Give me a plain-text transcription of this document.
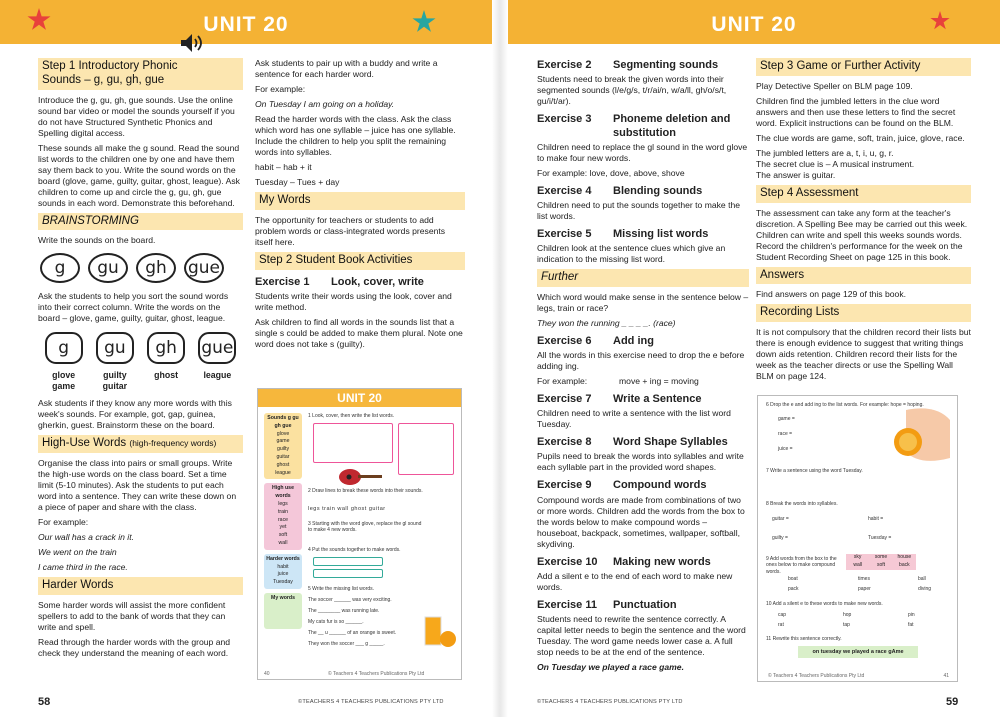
UNIT 20	UNIT 20
Step 1 Introductory Phonic Sounds – g, gu, gh, gue

Introduce the g, gu, gh, gue sounds. Use the online sound bar video or model the sounds yourself if you do not have Structured Synthetic Phonics and Spelling digital access.

These sounds all make the g sound. Read the sound list words to the children one by one and have them say them back to you. Write the sound words on the board (glove, game, guilty, guitar, ghost, league). Ask children to come up and circle the g, gu, gh, gue sounds in each word. Demonstrate this beforehand.

BRAINSTORMING

Write the sounds on the board.

g	gu	gh	gue

Ask the students to help you sort the sound words into their correct column. Write the words on the board – glove, game, guilty, guitar, ghost, league.

g
glove
game
gu
guilty
guitar
gh
ghost
gue
league

Ask students if they know any more words with this week's sounds. For example, got, gap, guinea, gherkin, guest. Brainstorm these on the board.

High-Use Words (high-frequency words)

Organise the class into pairs or small groups. Write the high-use words on the class board. Set a time limit (5-10 minutes). Ask the students to put each word into a sentence. They can write these down on a piece of paper and share with the class.

For example:

Our wall has a crack in it.

We went on the train

I came third in the race.

Harder Words

Some harder words will assist the more confident spellers to add to the bank of words that they can write and spell.

Read through the harder words with the group and check they understand the meaning of each word.

Ask students to pair up with a buddy and write a sentence for each harder word.

For example:

On Tuesday I am going on a holiday.

Read the harder words with the class. Ask the class which word has one syllable – juice has one syllable. Include the children to help you split the remaining words into syllables.

habit – hab + it

Tuesday – Tues + day

My Words

The opportunity for teachers or students to add problem words or class-integrated words presents itself here.

Step 2 Student Book Activities
Exercise 1	Look, cover, write

Students write their words using the look, cover and write method.

Ask children to find all words in the sounds list that a single s could be added to make them plural. Note one word does not take s (guilty).

UNIT 20
Sounds g gu gh gue
glove
game
guilty
guitar
ghost
league
High use words
legs
train
race
yet
soft
wall
Harder words
habit
juice
Tuesday
My words
1 Look, cover, then write the list words.
2 Draw lines to break these words into their sounds.
legs train wall ghost guitar
3 Starting with the word glove, replace the gl sound to make 4 new words.
4 Put the sounds together to make words.
5 Write the missing list words.
The soccer ______ was very exciting.
The ________ was running late.
My cats fur is so ______.
The __ u ______ of an orange is sweet.
They won the soccer ___ g _____.
40	© Teachers 4 Teachers Publications Pty Ltd
Exercise 2	Segmenting sounds

Students need to break the given words into their segmented sounds (l/e/g/s, t/r/ai/n, w/a/ll, gh/o/s/t, gu/i/t/ar).

Exercise 3	Phoneme deletion and substitution

Children need to replace the gl sound in the word glove to make four new words.

For example: love, dove, above, shove

Exercise 4	Blending sounds

Children need to put the sounds together to make the list words.

Exercise 5	Missing list words

Children look at the sentence clues which give an indication to the missing list word.

Further

Which word would make sense in the sentence below – legs, train or race?

They won the running _ _ _ _. (race)

Exercise 6	Add ing

All the words in this exercise need to drop the e before adding ing.

For example:	move + ing = moving

Exercise 7	Write a Sentence

Children need to write a sentence with the list word Tuesday.

Exercise 8	Word Shape Syllables

Pupils need to break the words into syllables and write each syllable part in the provided word shapes.

Exercise 9	Compound words

Compound words are made from combinations of two or more words. Children add the words from the box to the words below to make compound words – houseboat, backpack, sometimes, wallpaper, softball, skydiving.

Exercise 10	Making new words

Add a silent e to the end of each word to make new words.

Exercise 11	Punctuation

Students need to rewrite the sentence correctly. A capital letter needs to begin the sentence and the word Tuesday. The word game needs lower case a. A full stop needs to be at the end of the sentence.

On Tuesday we played a race game.

Step 3 Game or Further Activity

Play Detective Speller on BLM page 109.

Children find the jumbled letters in the clue word answers and then use these letters to find the secret word. Explicit instructions can be found on the BLM.

The clue words are game, soft, train, juice, glove, race.

The jumbled letters are a, t, i, u, g, r.

The secret clue is – A musical instrument.

The answer is guitar.

Step 4 Assessment

The assessment can take any form at the teacher's discretion. A Spelling Bee may be carried out this week. Children can write and spell this weeks sounds words. Record the children's performance for the week on the Student Recording Sheet on page 125 in this book.

Answers

Find answers on page 129 of this book.

Recording Lists

It is not compulsory that the children record their lists but there is enough evidence to suggest that writing things down aids retention. Children record their lists for the week as the teacher directs or use the Spelling Wall BLM on page 124.

6 Drop the e and add ing to the list words. For example: hope = hoping.
game =
race =
juice =
7 Write a sentence using the word Tuesday.
8 Break the words into syllables.
guitar =	habit =
guilty =	Tuesday =
9 Add words from the box to the ones below to make compound words.
sky	some	house
wall	soft	back
boat	times	ball
pack	paper	diving
10 Add a silent e to these words to make new words.
cap	hop	pin
rat	tap	fat
11 Rewrite this sentence correctly.
on tuesday we played a race gAme
© Teachers 4 Teachers Publications Pty Ltd	41
58	©TEACHERS 4 TEACHERS PUBLICATIONS PTY LTD	©TEACHERS 4 TEACHERS PUBLICATIONS PTY LTD	59
